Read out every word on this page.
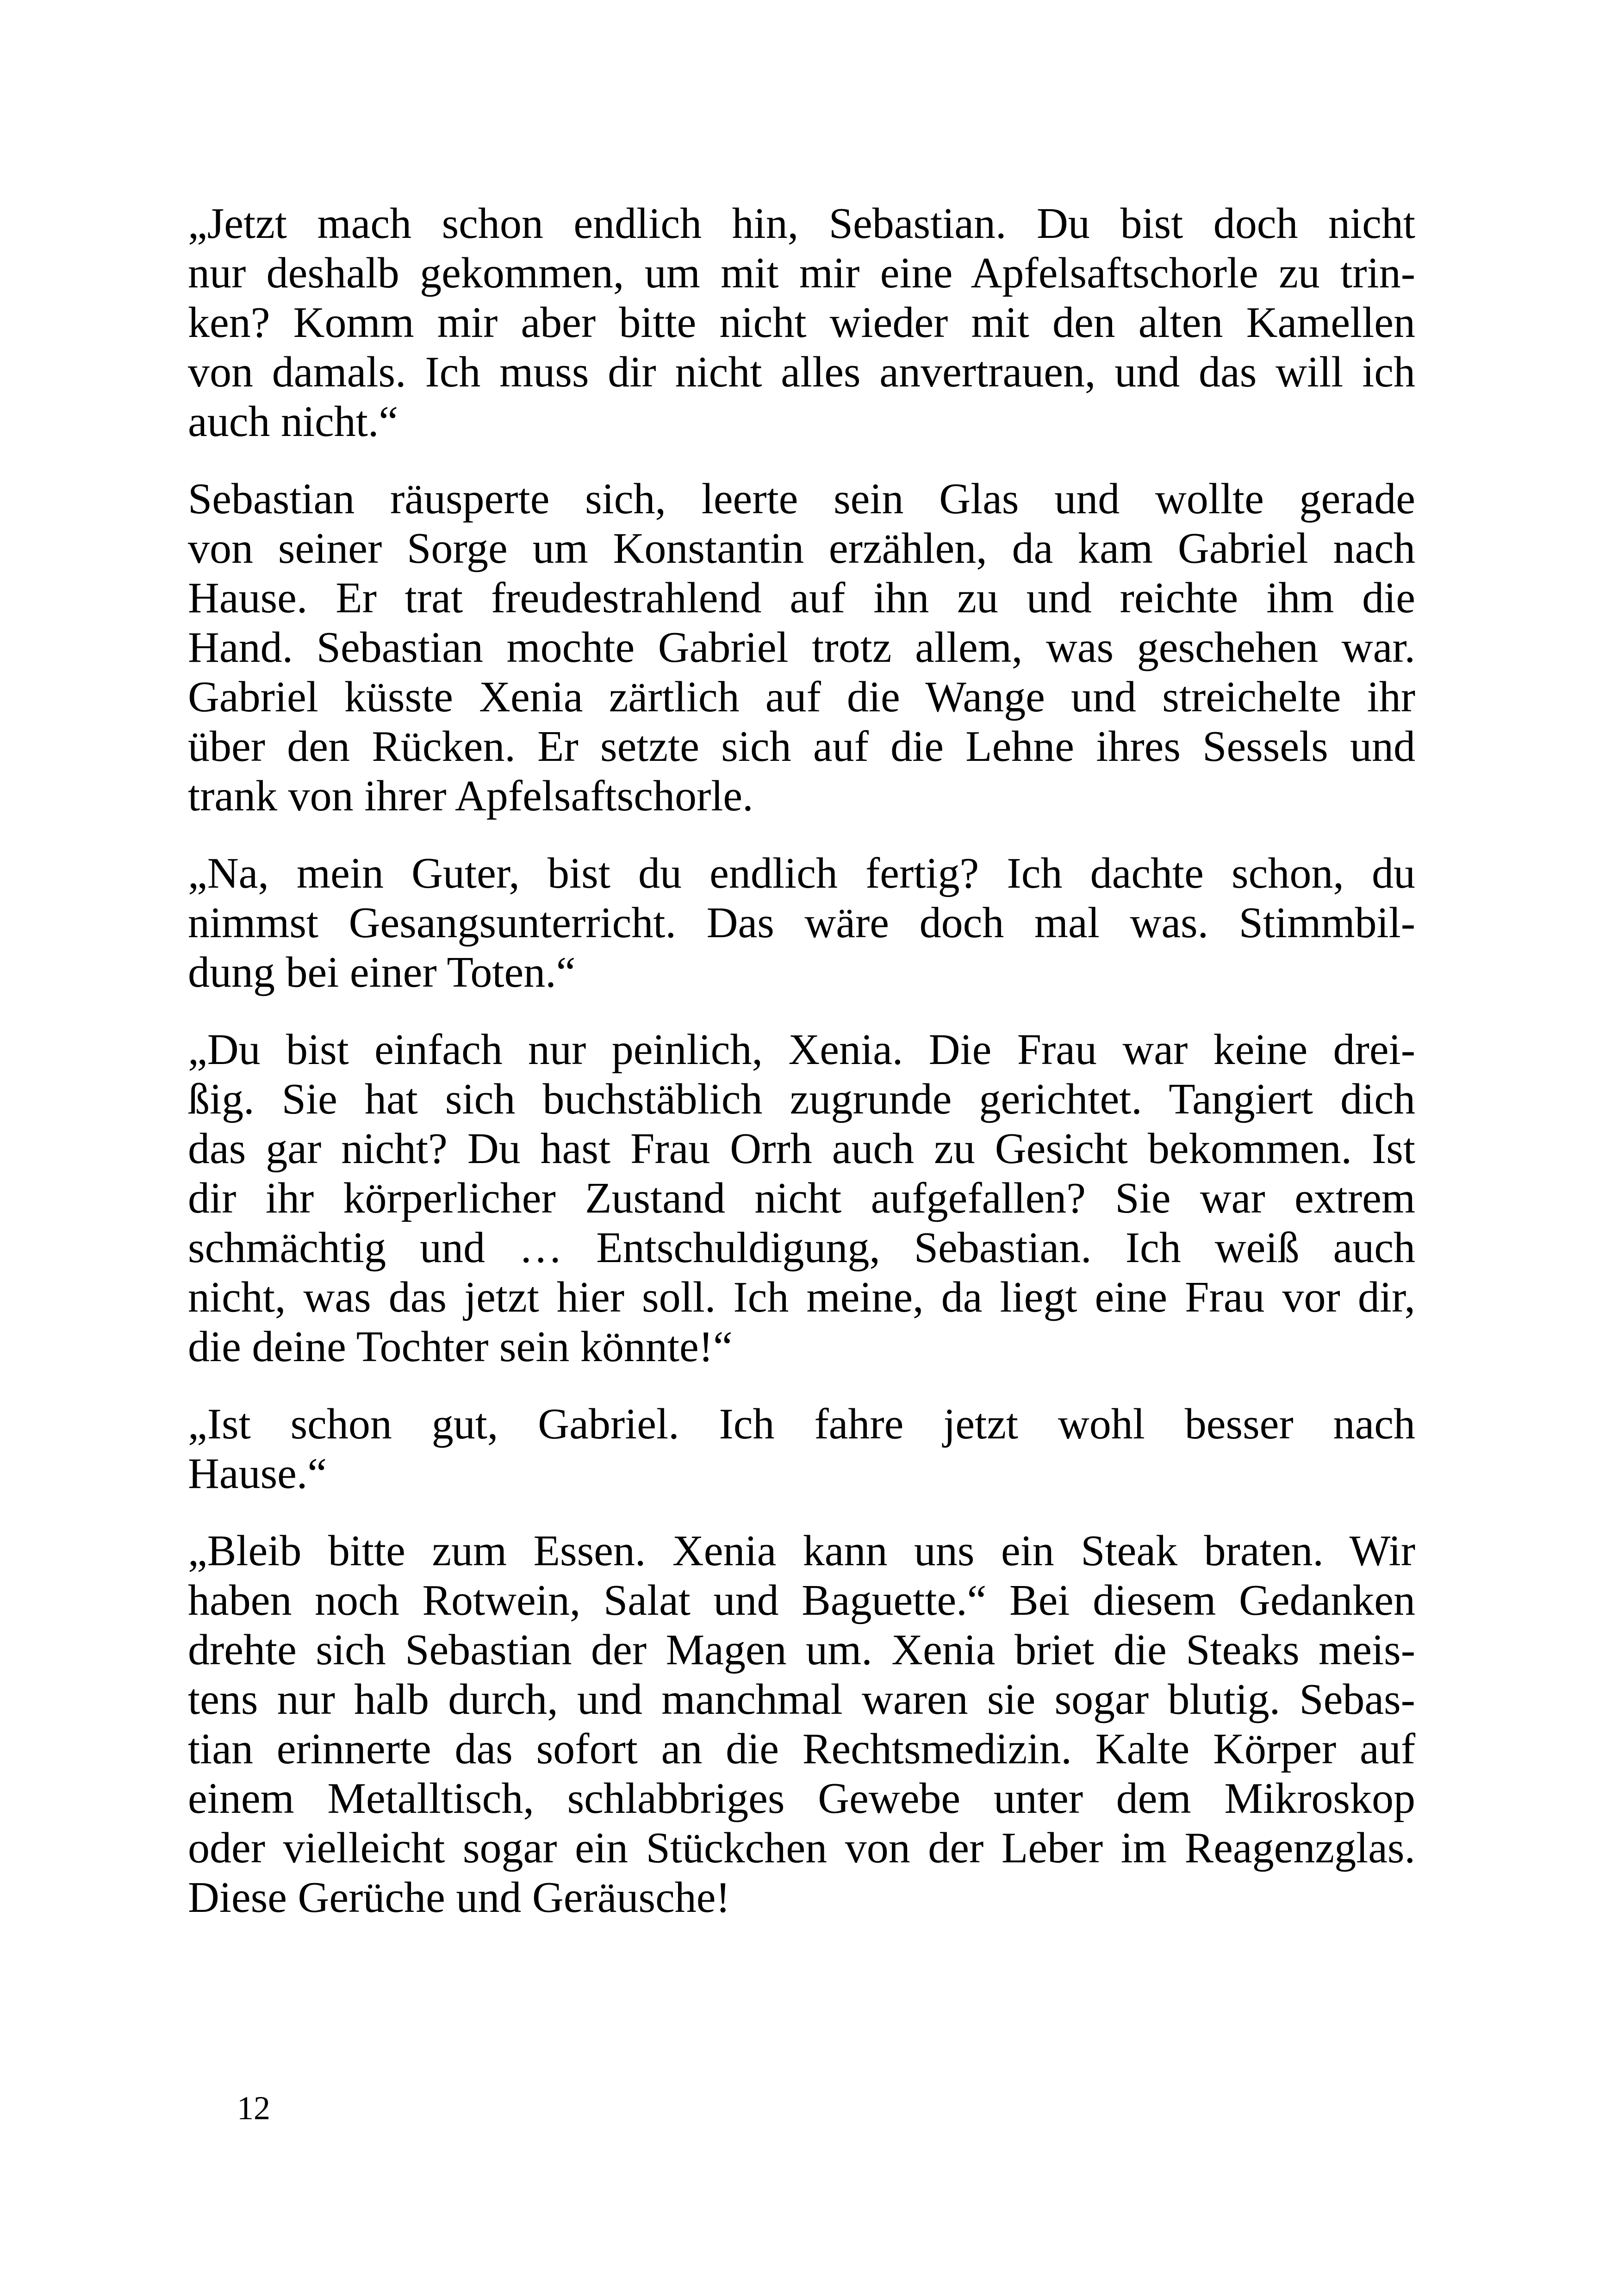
„Jetzt mach schon endlich hin, Sebastian. Du bist doch nicht
nur deshalb gekommen, um mit mir eine Apfelsaftschorle zu trin-
ken? Komm mir aber bitte nicht wieder mit den alten Kamellen
von damals. Ich muss dir nicht alles anvertrauen, und das will ich
auch nicht.“
Sebastian räusperte sich, leerte sein Glas und wollte gerade
von seiner Sorge um Konstantin erzählen, da kam Gabriel nach
Hause. Er trat freudestrahlend auf ihn zu und reichte ihm die
Hand. Sebastian mochte Gabriel trotz allem, was geschehen war.
Gabriel küsste Xenia zärtlich auf die Wange und streichelte ihr
über den Rücken. Er setzte sich auf die Lehne ihres Sessels und
trank von ihrer Apfelsaftschorle.
„Na, mein Guter, bist du endlich fertig? Ich dachte schon, du
nimmst Gesangsunterricht. Das wäre doch mal was. Stimmbil-
dung bei einer Toten.“
„Du bist einfach nur peinlich, Xenia. Die Frau war keine drei-
ßig. Sie hat sich buchstäblich zugrunde gerichtet. Tangiert dich
das gar nicht? Du hast Frau Orrh auch zu Gesicht bekommen. Ist
dir ihr körperlicher Zustand nicht aufgefallen? Sie war extrem
schmächtig und … Entschuldigung, Sebastian. Ich weiß auch
nicht, was das jetzt hier soll. Ich meine, da liegt eine Frau vor dir,
die deine Tochter sein könnte!“
„Ist schon gut, Gabriel. Ich fahre jetzt wohl besser nach
Hause.“
„Bleib bitte zum Essen. Xenia kann uns ein Steak braten. Wir
haben noch Rotwein, Salat und Baguette.“ Bei diesem Gedanken
drehte sich Sebastian der Magen um. Xenia briet die Steaks meis-
tens nur halb durch, und manchmal waren sie sogar blutig. Sebas-
tian erinnerte das sofort an die Rechtsmedizin. Kalte Körper auf
einem Metalltisch, schlabbriges Gewebe unter dem Mikroskop
oder vielleicht sogar ein Stückchen von der Leber im Reagenzglas.
Diese Gerüche und Geräusche!
12
